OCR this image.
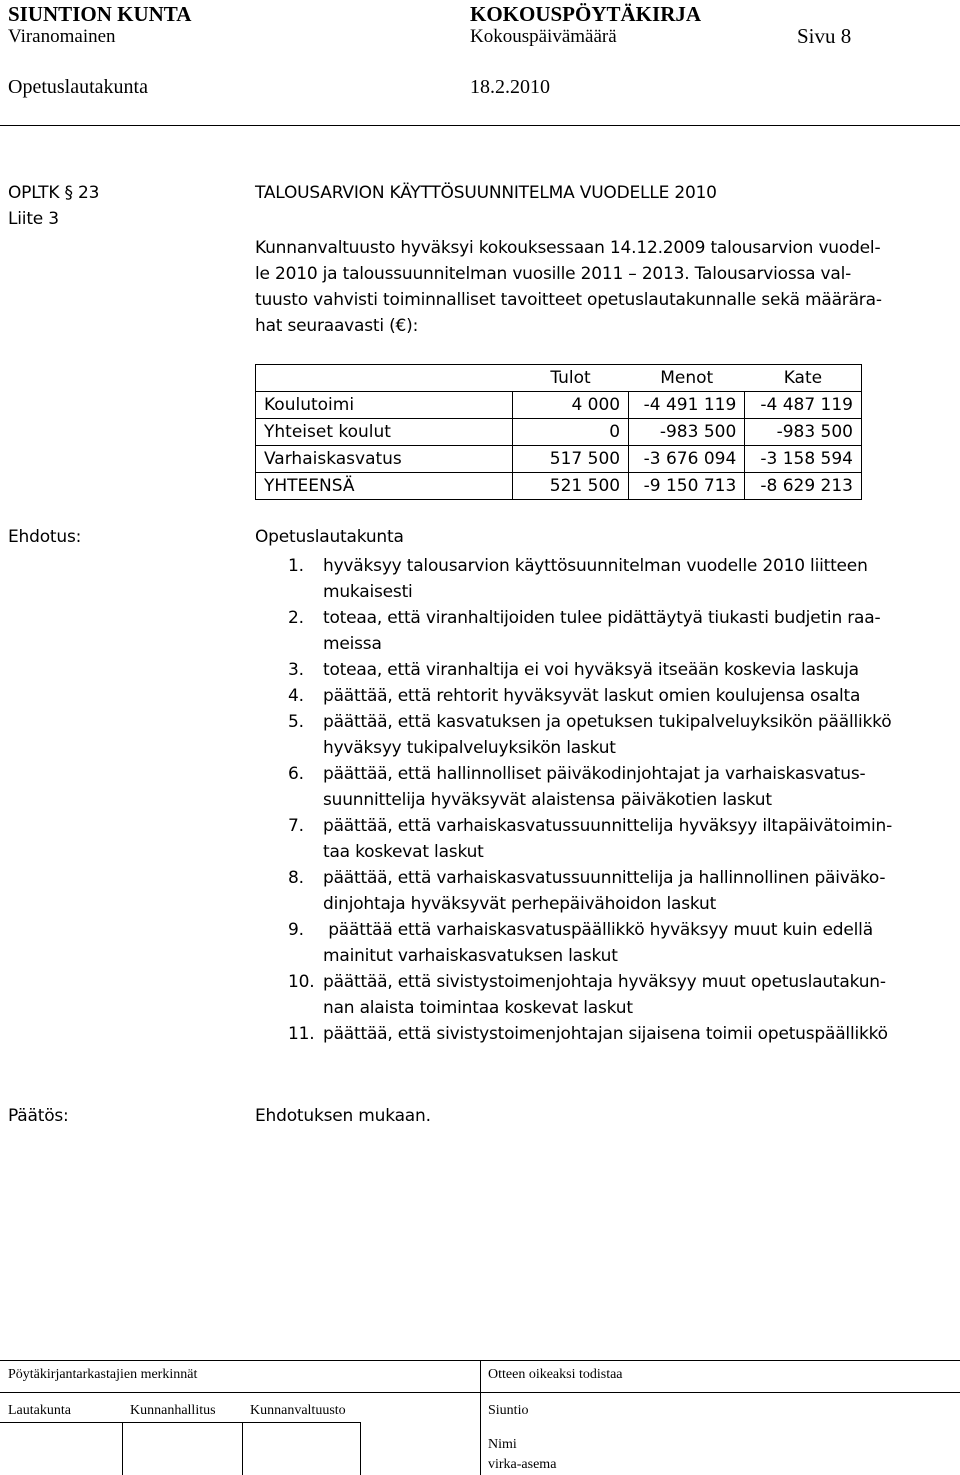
SIUNTION KUNTA	KOKOUSPÖYTÄKIRJA
Viranomainen	Kokouspäivämäärä	Sivu 8
Opetuslautakunta	18.2.2010
OPLTK § 23
Liite 3
TALOUSARVION KÄYTTÖSUUNNITELMA VUODELLE 2010
Kunnanvaltuusto hyväksyi kokouksessaan 14.12.2009 talousarvion vuodel-
le 2010 ja taloussuunnitelman vuosille 2011 – 2013. Talousarviossa val-
tuusto vahvisti toiminnalliset tavoitteet opetuslautakunnalle sekä määrära-
hat seuraavasti (€):
	Tulot	Menot	Kate
Koulutoimi	4 000	-4 491 119	-4 487 119
Yhteiset koulut	0	-983 500	-983 500
Varhaiskasvatus	517 500	-3 676 094	-3 158 594
YHTEENSÄ	521 500	-9 150 713	-8 629 213
Ehdotus:	Opetuslautakunta
1. hyväksyy talousarvion käyttösuunnitelman vuodelle 2010 liitteen
mukaisesti
2. toteaa, että viranhaltijoiden tulee pidättäytyä tiukasti budjetin raa-
meissa
3. toteaa, että viranhaltija ei voi hyväksyä itseään koskevia laskuja
4. päättää, että rehtorit hyväksyvät laskut omien koulujensa osalta
5. päättää, että kasvatuksen ja opetuksen tukipalveluyksikön päällikkö
hyväksyy tukipalveluyksikön laskut
6. päättää, että hallinnolliset päiväkodinjohtajat ja varhaiskasvatus-
suunnittelija hyväksyvät alaistensa päiväkotien laskut
7. päättää, että varhaiskasvatussuunnittelija hyväksyy iltapäivätoimin-
taa koskevat laskut
8. päättää, että varhaiskasvatussuunnittelija ja hallinnollinen päiväko-
dinjohtaja hyväksyvät perhepäivähoidon laskut
9. päättää että varhaiskasvatuspäällikkö hyväksyy muut kuin edellä
mainitut varhaiskasvatuksen laskut
10. päättää, että sivistystoimenjohtaja hyväksyy muut opetuslautakun-
nan alaista toimintaa koskevat laskut
11. päättää, että sivistystoimenjohtajan sijaisena toimii opetuspäällikkö
Päätös:	Ehdotuksen mukaan.
Pöytäkirjantarkastajien merkinnät	Otteen oikeaksi todistaa
Lautakunta	Kunnanhallitus Kunnanvaltuusto	Siuntio
Nimi
virka-asema
